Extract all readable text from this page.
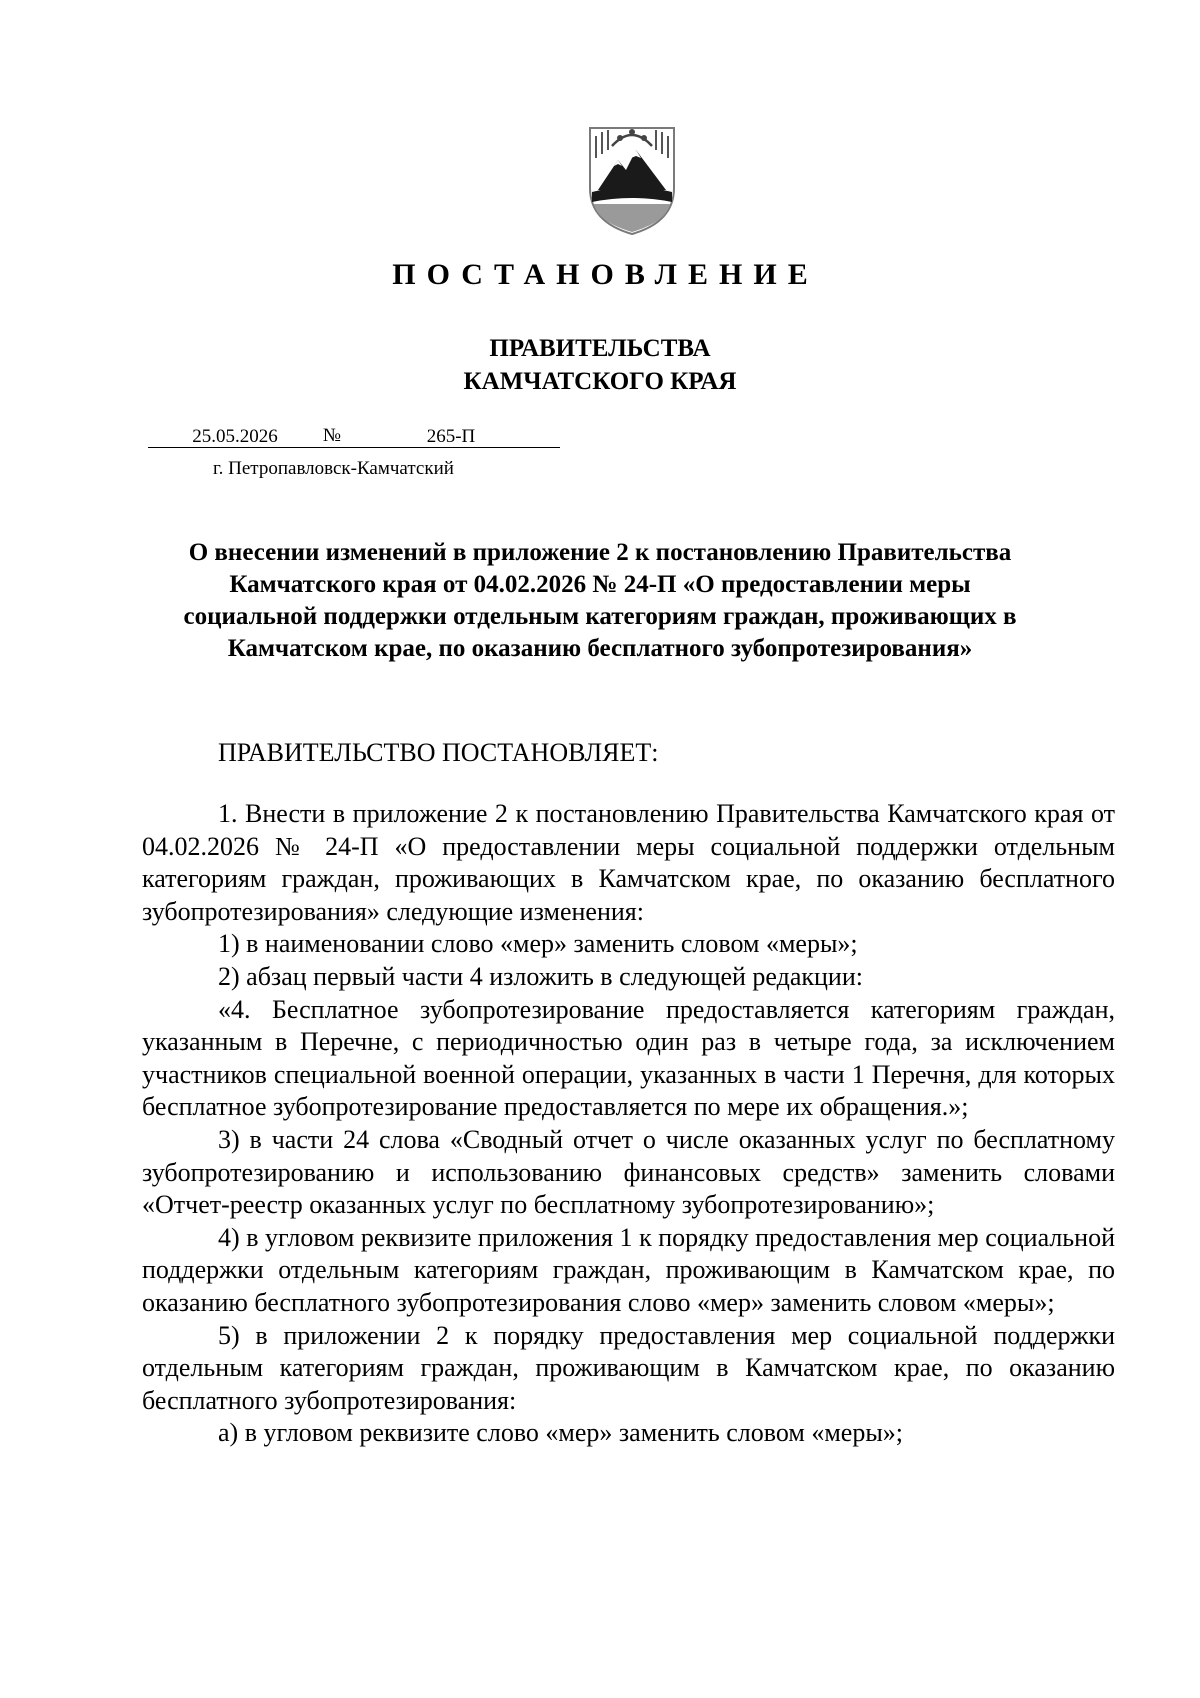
ПОСТАНОВЛЕНИЕ
ПРАВИТЕЛЬСТВА
КАМЧАТСКОГО КРАЯ
25.05.2026 №	265-П
г. Петропавловск-Камчатский
О внесении изменений в приложение 2 к постановлению Правительства
Камчатского края от 04.02.2026 № 24-П «О предоставлении меры
социальной поддержки отдельным категориям граждан, проживающих в
Камчатском крае, по оказанию бесплатного зубопротезирования»
ПРАВИТЕЛЬСТВО ПОСТАНОВЛЯЕТ:

1. Внести в приложение 2 к постановлению Правительства Камчатского края от 04.02.2026 № 24-П «О предоставлении меры социальной поддержки отдельным категориям граждан, проживающих в Камчатском крае, по оказанию бесплатного зубопротезирования» следующие изменения:

1) в наименовании слово «мер» заменить словом «меры»;

2) абзац первый части 4 изложить в следующей редакции:

«4. Бесплатное зубопротезирование предоставляется категориям граждан, указанным в Перечне, с периодичностью один раз в четыре года, за исключением участников специальной военной операции, указанных в части 1 Перечня, для которых бесплатное зубопротезирование предоставляется по мере их обращения.»;

3) в части 24 слова «Сводный отчет о числе оказанных услуг по бесплатному зубопротезированию и использованию финансовых средств» заменить словами «Отчет-реестр оказанных услуг по бесплатному зубопротезированию»;

4) в угловом реквизите приложения 1 к порядку предоставления мер социальной поддержки отдельным категориям граждан, проживающим в Камчатском крае, по оказанию бесплатного зубопротезирования слово «мер» заменить словом «меры»;

5) в приложении 2 к порядку предоставления мер социальной поддержки отдельным категориям граждан, проживающим в Камчатском крае, по оказанию бесплатного зубопротезирования:

а) в угловом реквизите слово «мер» заменить словом «меры»;
